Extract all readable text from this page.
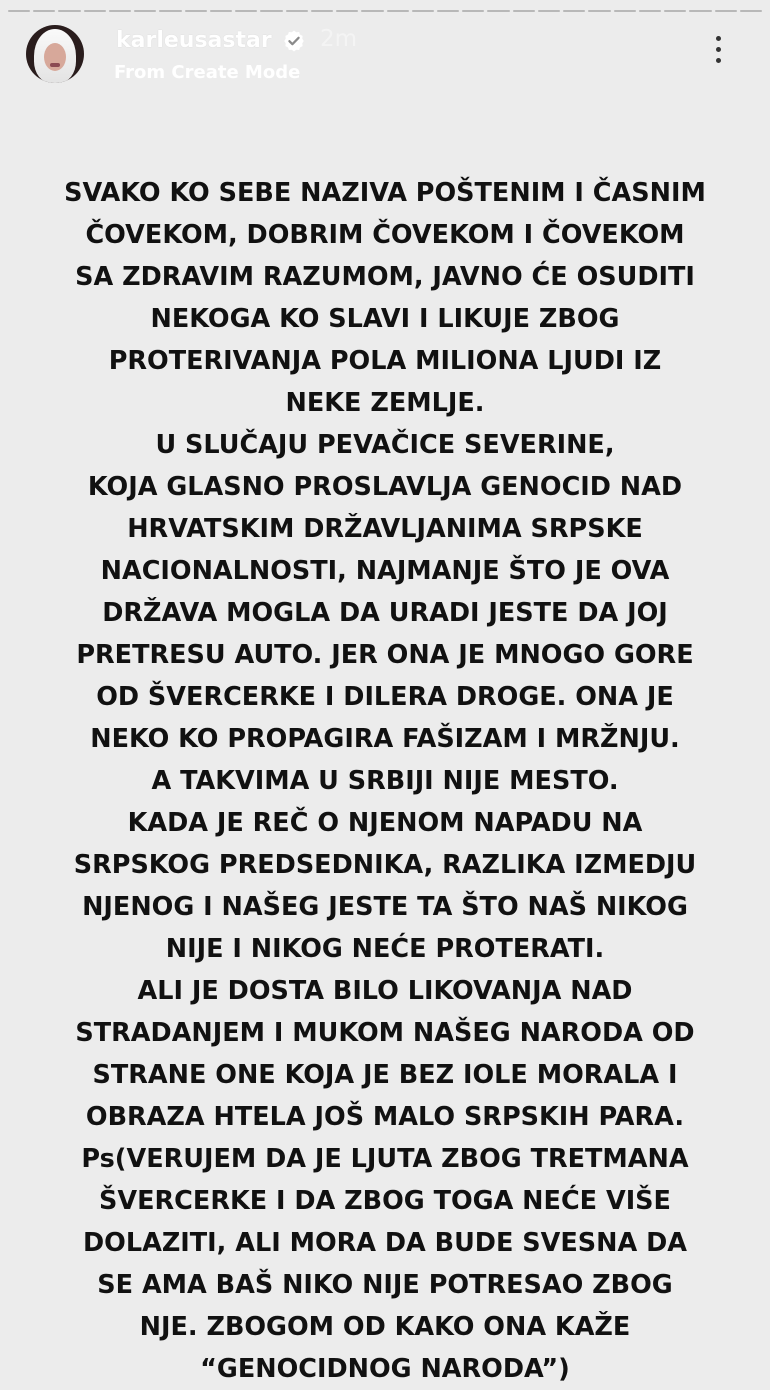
karleusastar 2m
From Create Mode
SVAKO KO SEBE NAZIVA POŠTENIM I ČASNIM
ČOVEKOM, DOBRIM ČOVEKOM I ČOVEKOM
SA ZDRAVIM RAZUMOM, JAVNO ĆE OSUDITI
NEKOGA KO SLAVI I LIKUJE ZBOG
PROTERIVANJA POLA MILIONA LJUDI IZ
NEKE ZEMLJE.
U SLUČAJU PEVAČICE SEVERINE,
KOJA GLASNO PROSLAVLJA GENOCID NAD
HRVATSKIM DRŽAVLJANIMA SRPSKE
NACIONALNOSTI, NAJMANJE ŠTO JE OVA
DRŽAVA MOGLA DA URADI JESTE DA JOJ
PRETRESU AUTO. JER ONA JE MNOGO GORE
OD ŠVERCERKE I DILERA DROGE. ONA JE
NEKO KO PROPAGIRA FAŠIZAM I MRŽNJU.
A TAKVIMA U SRBIJI NIJE MESTO.
KADA JE REČ O NJENOM NAPADU NA
SRPSKOG PREDSEDNIKA, RAZLIKA IZMEDJU
NJENOG I NAŠEG JESTE TA ŠTO NAŠ NIKOG
NIJE I NIKOG NEĆE PROTERATI.
ALI JE DOSTA BILO LIKOVANJA NAD
STRADANJEM I MUKOM NAŠEG NARODA OD
STRANE ONE KOJA JE BEZ IOLE MORALA I
OBRAZA HTELA JOŠ MALO SRPSKIH PARA.
Ps(VERUJEM DA JE LJUTA ZBOG TRETMANA
ŠVERCERKE I DA ZBOG TOGA NEĆE VIŠE
DOLAZITI, ALI MORA DA BUDE SVESNA DA
SE AMA BAŠ NIKO NIJE POTRESAO ZBOG
NJE. ZBOGOM OD KAKO ONA KAŽE
“GENOCIDNOG NARODA”)
